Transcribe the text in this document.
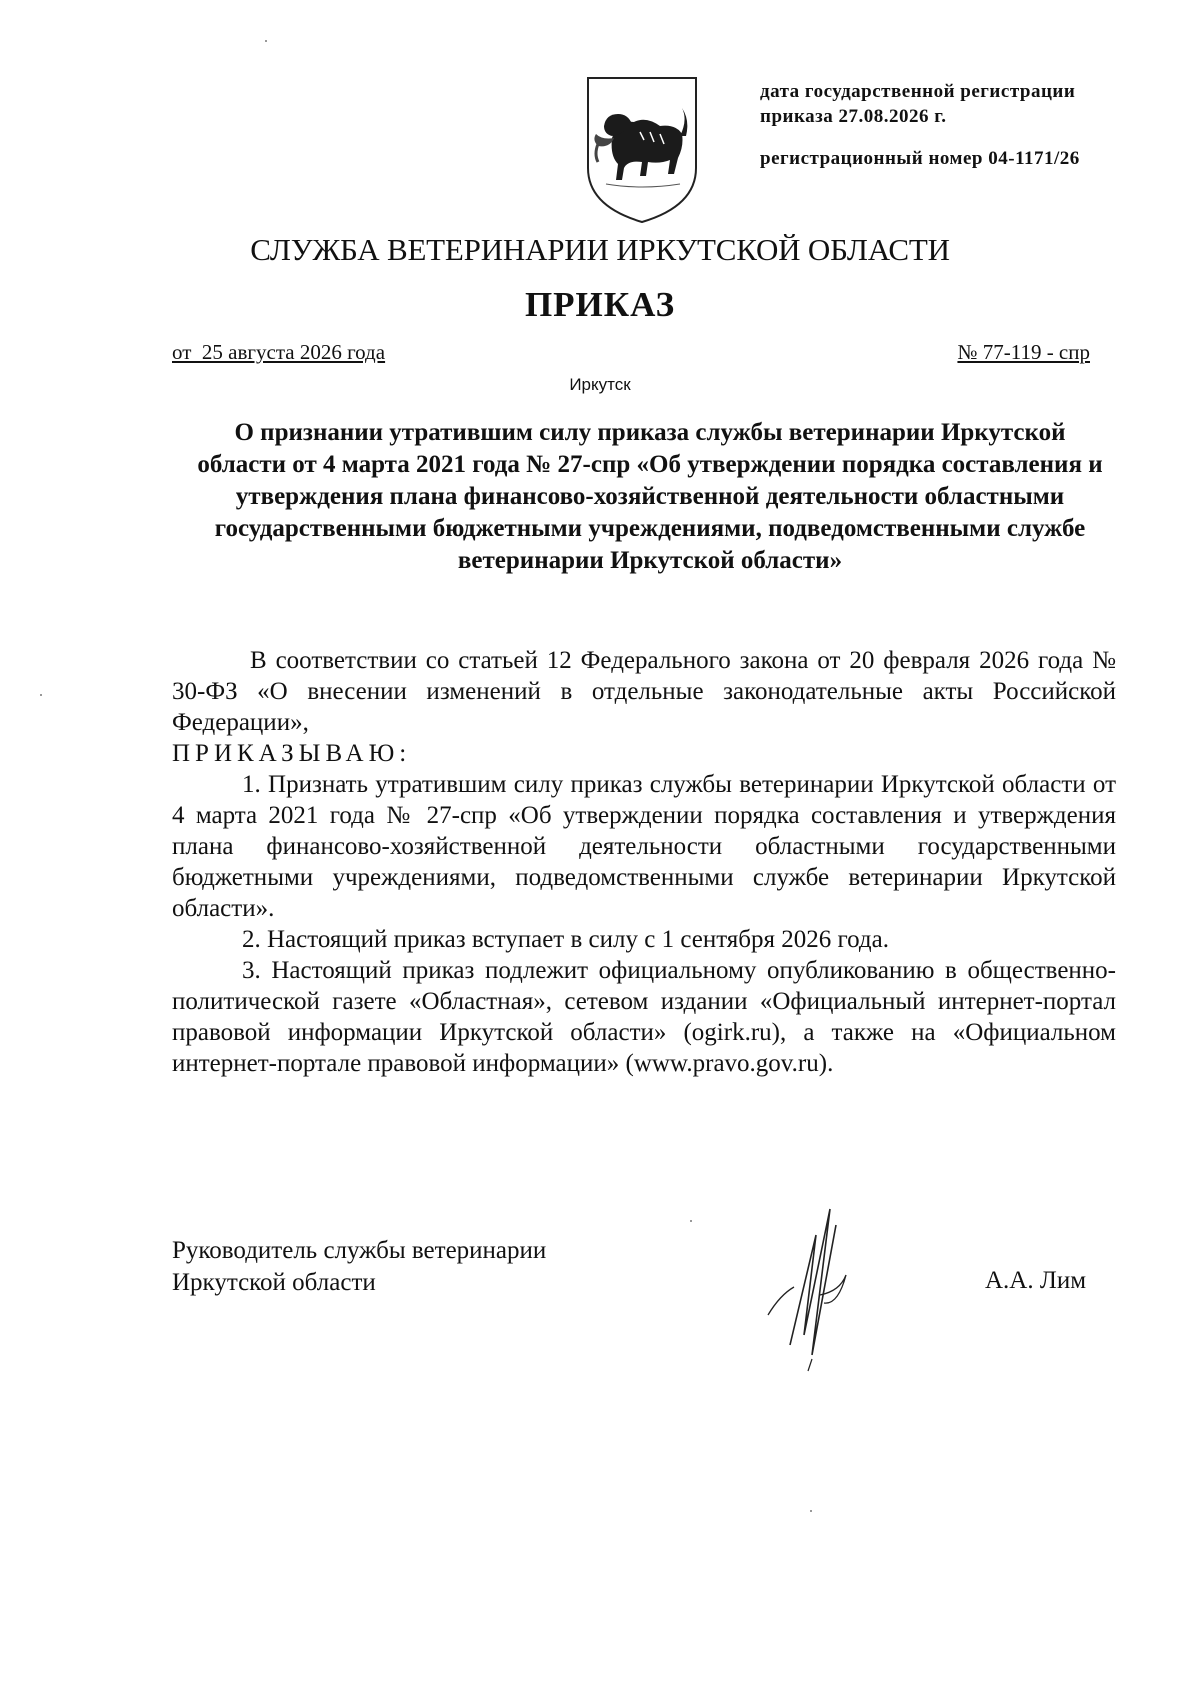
дата государственной регистрации

приказа 27.08.2026 г.

регистрационный номер 04-1171/26

СЛУЖБА ВЕТЕРИНАРИИ ИРКУТСКОЙ ОБЛАСТИ
ПРИКАЗ
от  25 августа 2026 года	№ 77-119 - спр
Иркутск
О признании утратившим силу приказа службы ветеринарии Иркутской области от 4 марта 2021 года № 27-спр «Об утверждении порядка составления и утверждения плана финансово-хозяйственной деятельности областными государственными бюджетными учреждениями, подведомственными службе ветеринарии Иркутской области»

В соответствии со статьей 12 Федерального закона от 20 февраля 2026 года № 30-ФЗ «О внесении изменений в отдельные законодательные акты Российской Федерации»,

ПРИКАЗЫВАЮ:

1. Признать утратившим силу приказ службы ветеринарии Иркутской области от 4 марта 2021 года № 27-спр «Об утверждении порядка составления и утверждения плана финансово-хозяйственной деятельности областными государственными бюджетными учреждениями, подведомственными службе ветеринарии Иркутской области».

2. Настоящий приказ вступает в силу с 1 сентября 2026 года.

3. Настоящий приказ подлежит официальному опубликованию в общественно-политической газете «Областная», сетевом издании «Официальный интернет-портал правовой информации Иркутской области» (ogirk.ru), а также на «Официальном интернет-портале правовой информации» (www.pravo.gov.ru).

Руководитель службы ветеринарии

Иркутской области	А.А. Лим
